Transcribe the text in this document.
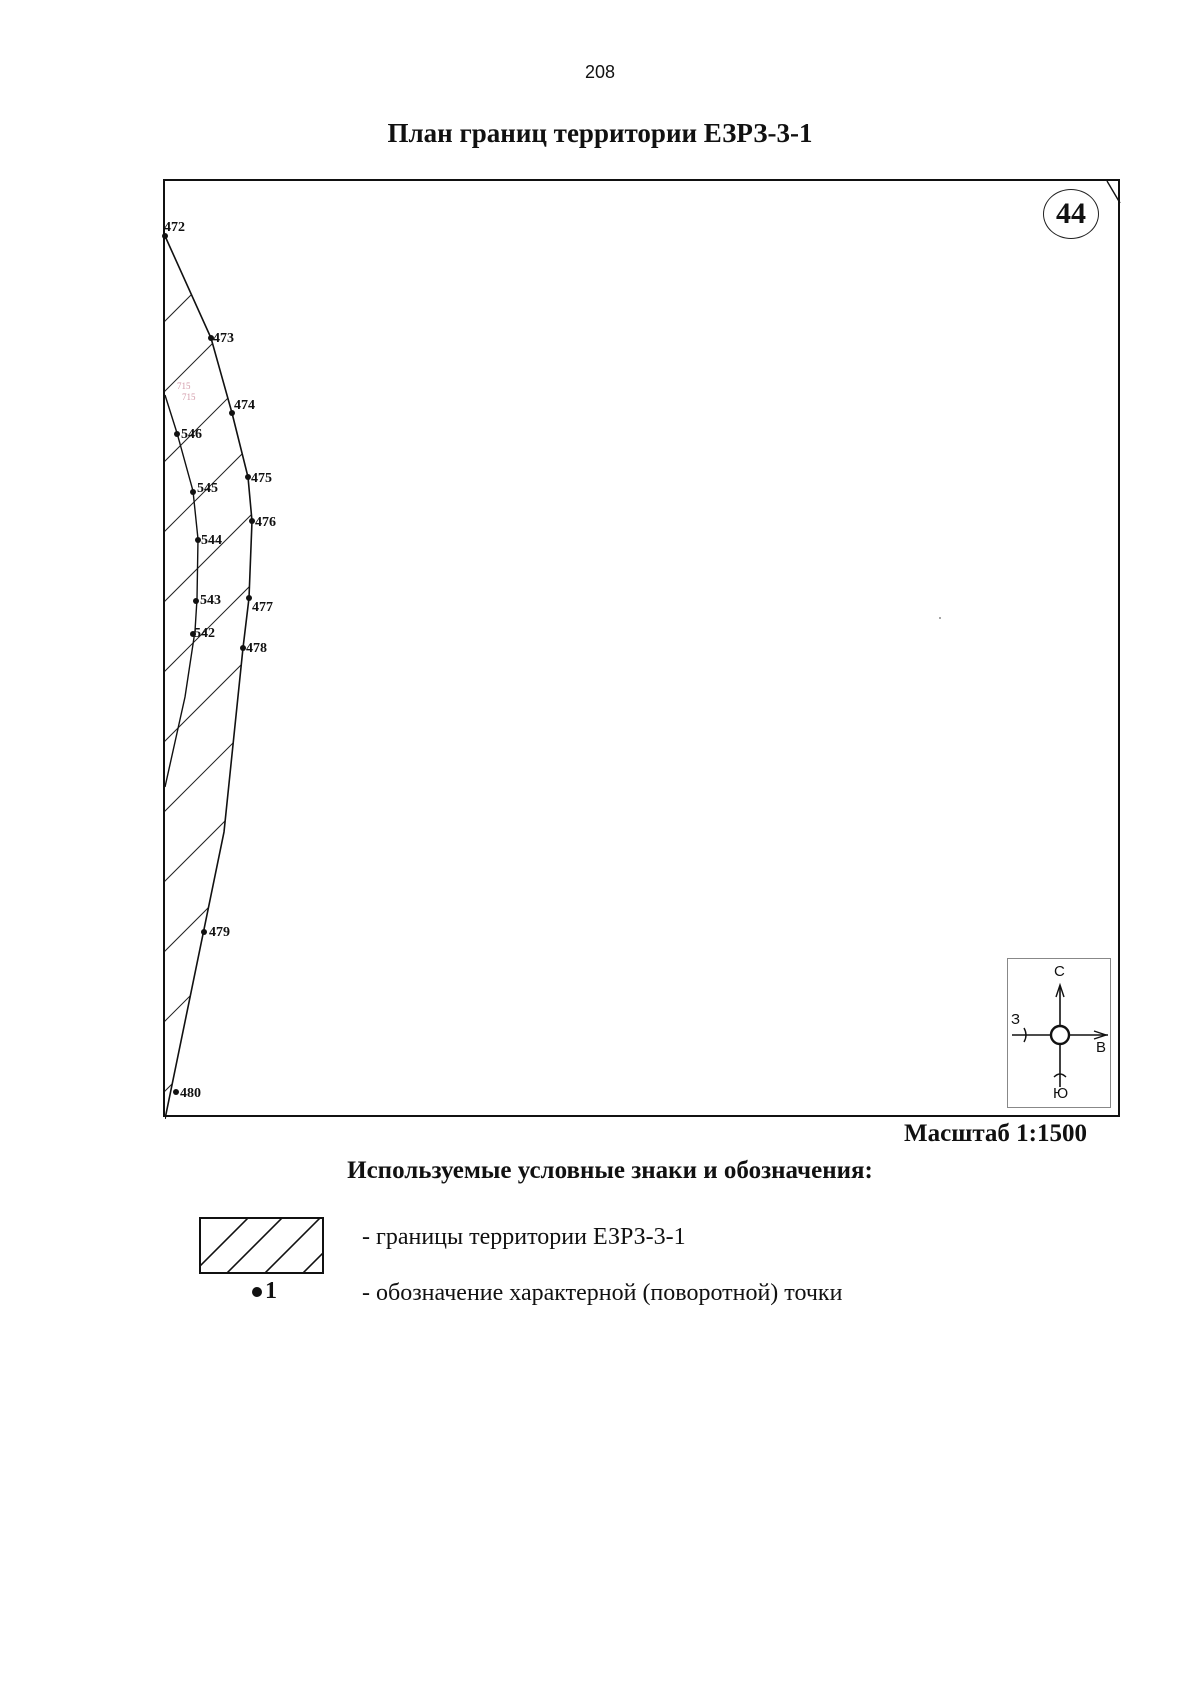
208
План границ территории ЕЗРЗ-3-1
472
473
474
475
476
477
478
479
480
542
543
544
545
546
715
715
44
С
З
В
Ю
Масштаб 1:1500
Используемые условные знаки и обозначения:
1
- границы территории ЕЗРЗ-3-1
- обозначение характерной (поворотной) точки
